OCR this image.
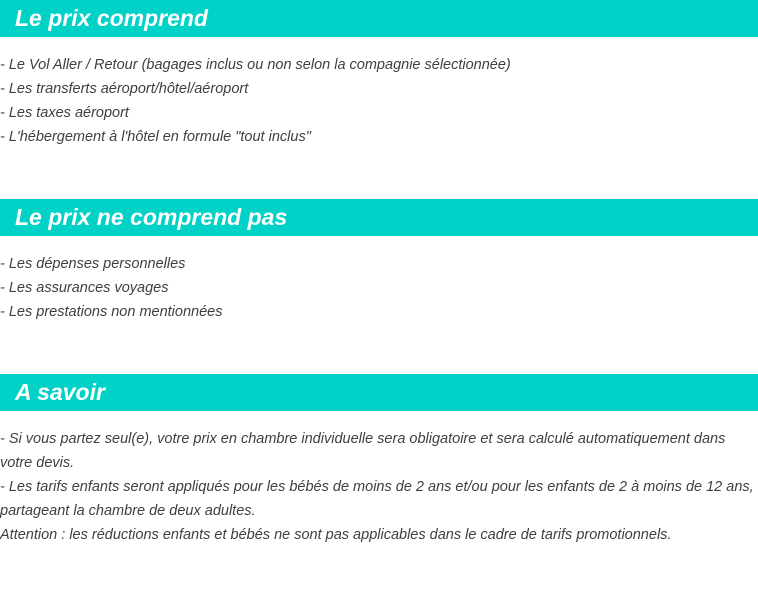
Le prix comprend
- Le Vol Aller / Retour (bagages inclus ou non selon la compagnie sélectionnée)
- Les transferts aéroport/hôtel/aéroport
- Les taxes aéroport
- L'hébergement à l'hôtel en formule "tout inclus"
Le prix ne comprend pas
- Les dépenses personnelles
- Les assurances voyages
- Les prestations non mentionnées
A savoir
- Si vous partez seul(e), votre prix en chambre individuelle sera obligatoire et sera calculé automatiquement dans votre devis.
- Les tarifs enfants seront appliqués pour les bébés de moins de 2 ans et/ou pour les enfants de 2 à moins de 12 ans, partageant la chambre de deux adultes.
Attention : les réductions enfants et bébés ne sont pas applicables dans le cadre de tarifs promotionnels.
